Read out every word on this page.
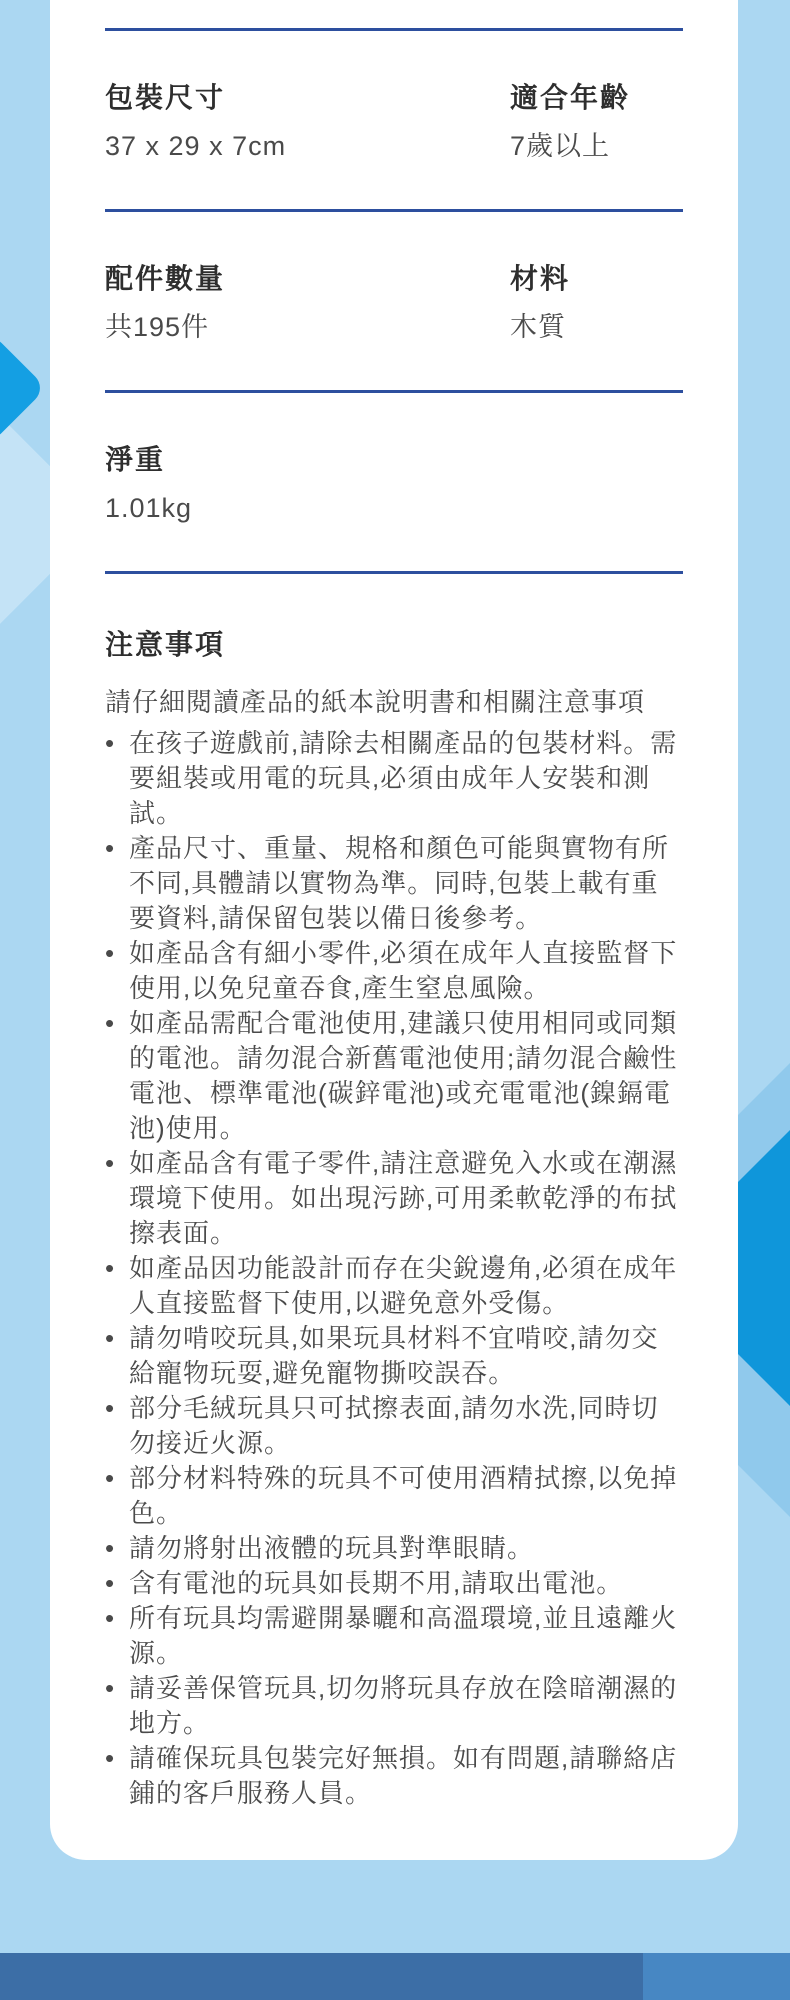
包裝尺寸

37 x 29 x 7cm

適合年齡

7歲以上

配件數量

共195件

材料

木質

淨重

1.01kg

注意事項

請仔細閱讀產品的紙本說明書和相關注意事項

• 在孩子遊戲前,請除去相關產品的包裝材料。需要組裝或用電的玩具,必須由成年人安裝和測試。
• 產品尺寸、重量、規格和顏色可能與實物有所不同,具體請以實物為準。同時,包裝上載有重要資料,請保留包裝以備日後參考。
• 如產品含有細小零件,必須在成年人直接監督下使用,以免兒童吞食,產生窒息風險。
• 如產品需配合電池使用,建議只使用相同或同類的電池。請勿混合新舊電池使用;請勿混合鹼性電池、標準電池(碳鋅電池)或充電電池(鎳鎘電池)使用。
• 如產品含有電子零件,請注意避免入水或在潮濕環境下使用。如出現污跡,可用柔軟乾淨的布拭擦表面。
• 如產品因功能設計而存在尖銳邊角,必須在成年人直接監督下使用,以避免意外受傷。
• 請勿啃咬玩具,如果玩具材料不宜啃咬,請勿交給寵物玩耍,避免寵物撕咬誤吞。
• 部分毛絨玩具只可拭擦表面,請勿水洗,同時切勿接近火源。
• 部分材料特殊的玩具不可使用酒精拭擦,以免掉色。
• 請勿將射出液體的玩具對準眼睛。
• 含有電池的玩具如長期不用,請取出電池。
• 所有玩具均需避開暴曬和高溫環境,並且遠離火源。
• 請妥善保管玩具,切勿將玩具存放在陰暗潮濕的地方。
• 請確保玩具包裝完好無損。如有問題,請聯絡店鋪的客戶服務人員。
